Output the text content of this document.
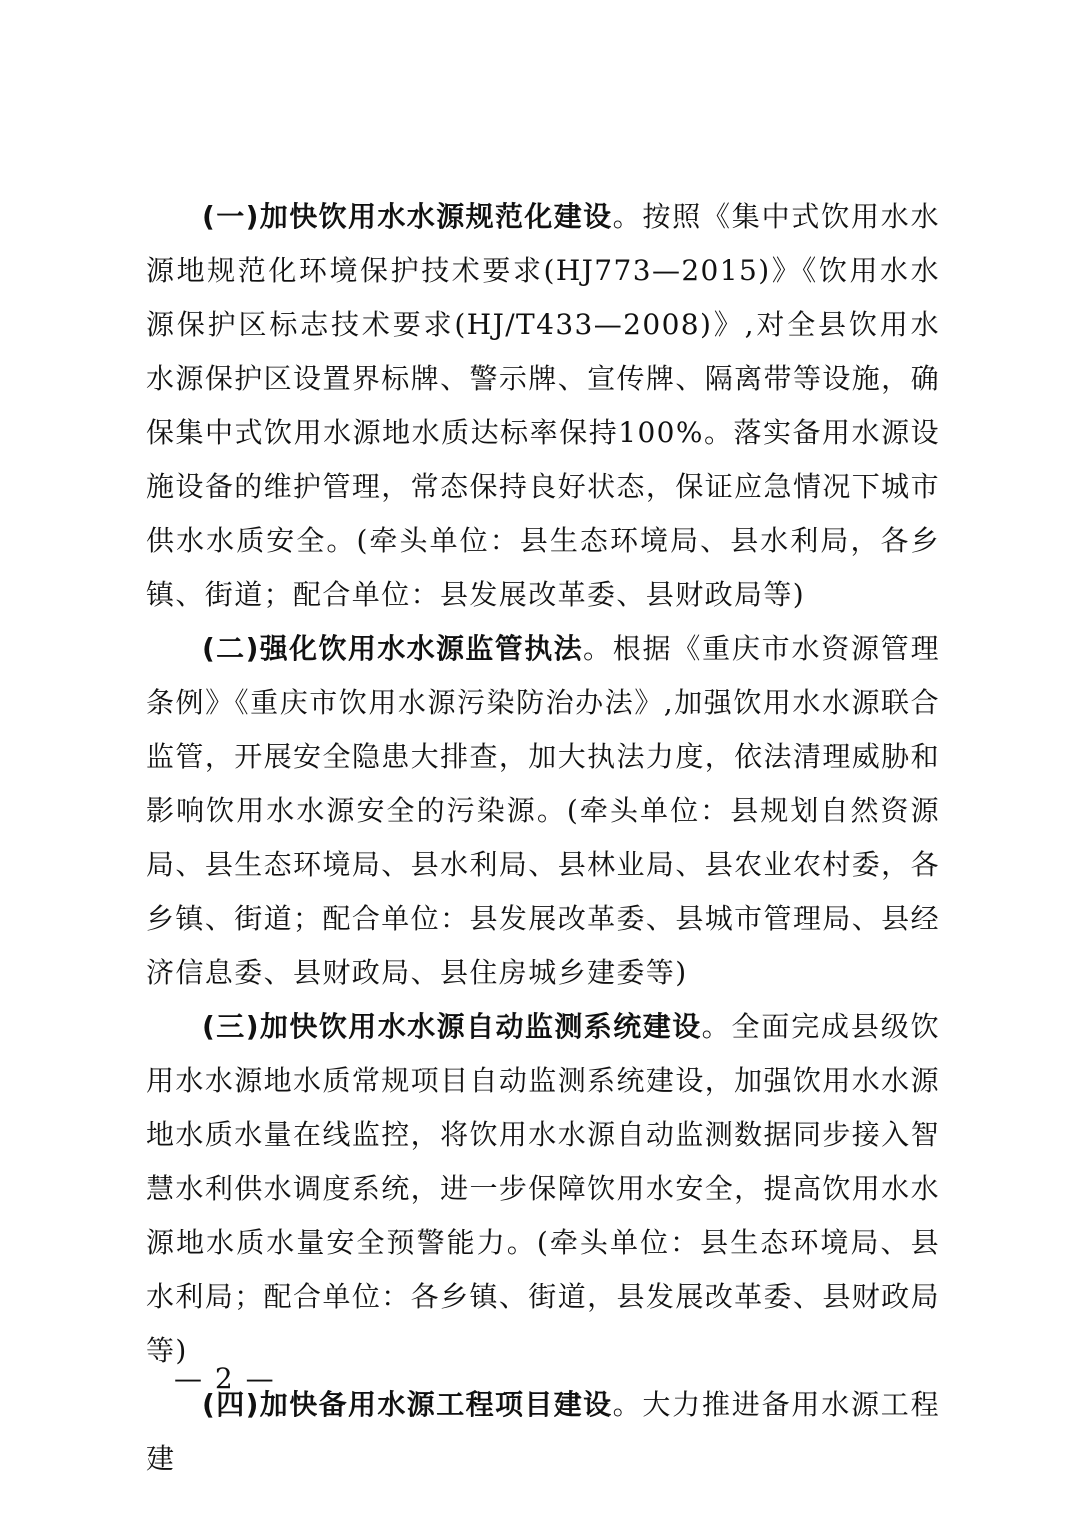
(一)加快饮用水水源规范化建设。按照《集中式饮用水水源地规范化环境保护技术要求(HJ773—2015)》《饮用水水源保护区标志技术要求(HJ/T433—2008)》,对全县饮用水水源保护区设置界标牌、警示牌、宣传牌、隔离带等设施，确保集中式饮用水源地水质达标率保持100%。落实备用水源设施设备的维护管理，常态保持良好状态，保证应急情况下城市供水水质安全。(牵头单位：县生态环境局、县水利局，各乡镇、街道；配合单位：县发展改革委、县财政局等)

(二)强化饮用水水源监管执法。根据《重庆市水资源管理条例》《重庆市饮用水源污染防治办法》,加强饮用水水源联合监管，开展安全隐患大排查，加大执法力度，依法清理威胁和影响饮用水水源安全的污染源。(牵头单位：县规划自然资源局、县生态环境局、县水利局、县林业局、县农业农村委，各乡镇、街道；配合单位：县发展改革委、县城市管理局、县经济信息委、县财政局、县住房城乡建委等)

(三)加快饮用水水源自动监测系统建设。全面完成县级饮用水水源地水质常规项目自动监测系统建设，加强饮用水水源地水质水量在线监控，将饮用水水源自动监测数据同步接入智慧水利供水调度系统，进一步保障饮用水安全，提高饮用水水源地水质水量安全预警能力。(牵头单位：县生态环境局、县水利局；配合单位：各乡镇、街道，县发展改革委、县财政局等)

(四)加快备用水源工程项目建设。大力推进备用水源工程建

— 2 —
